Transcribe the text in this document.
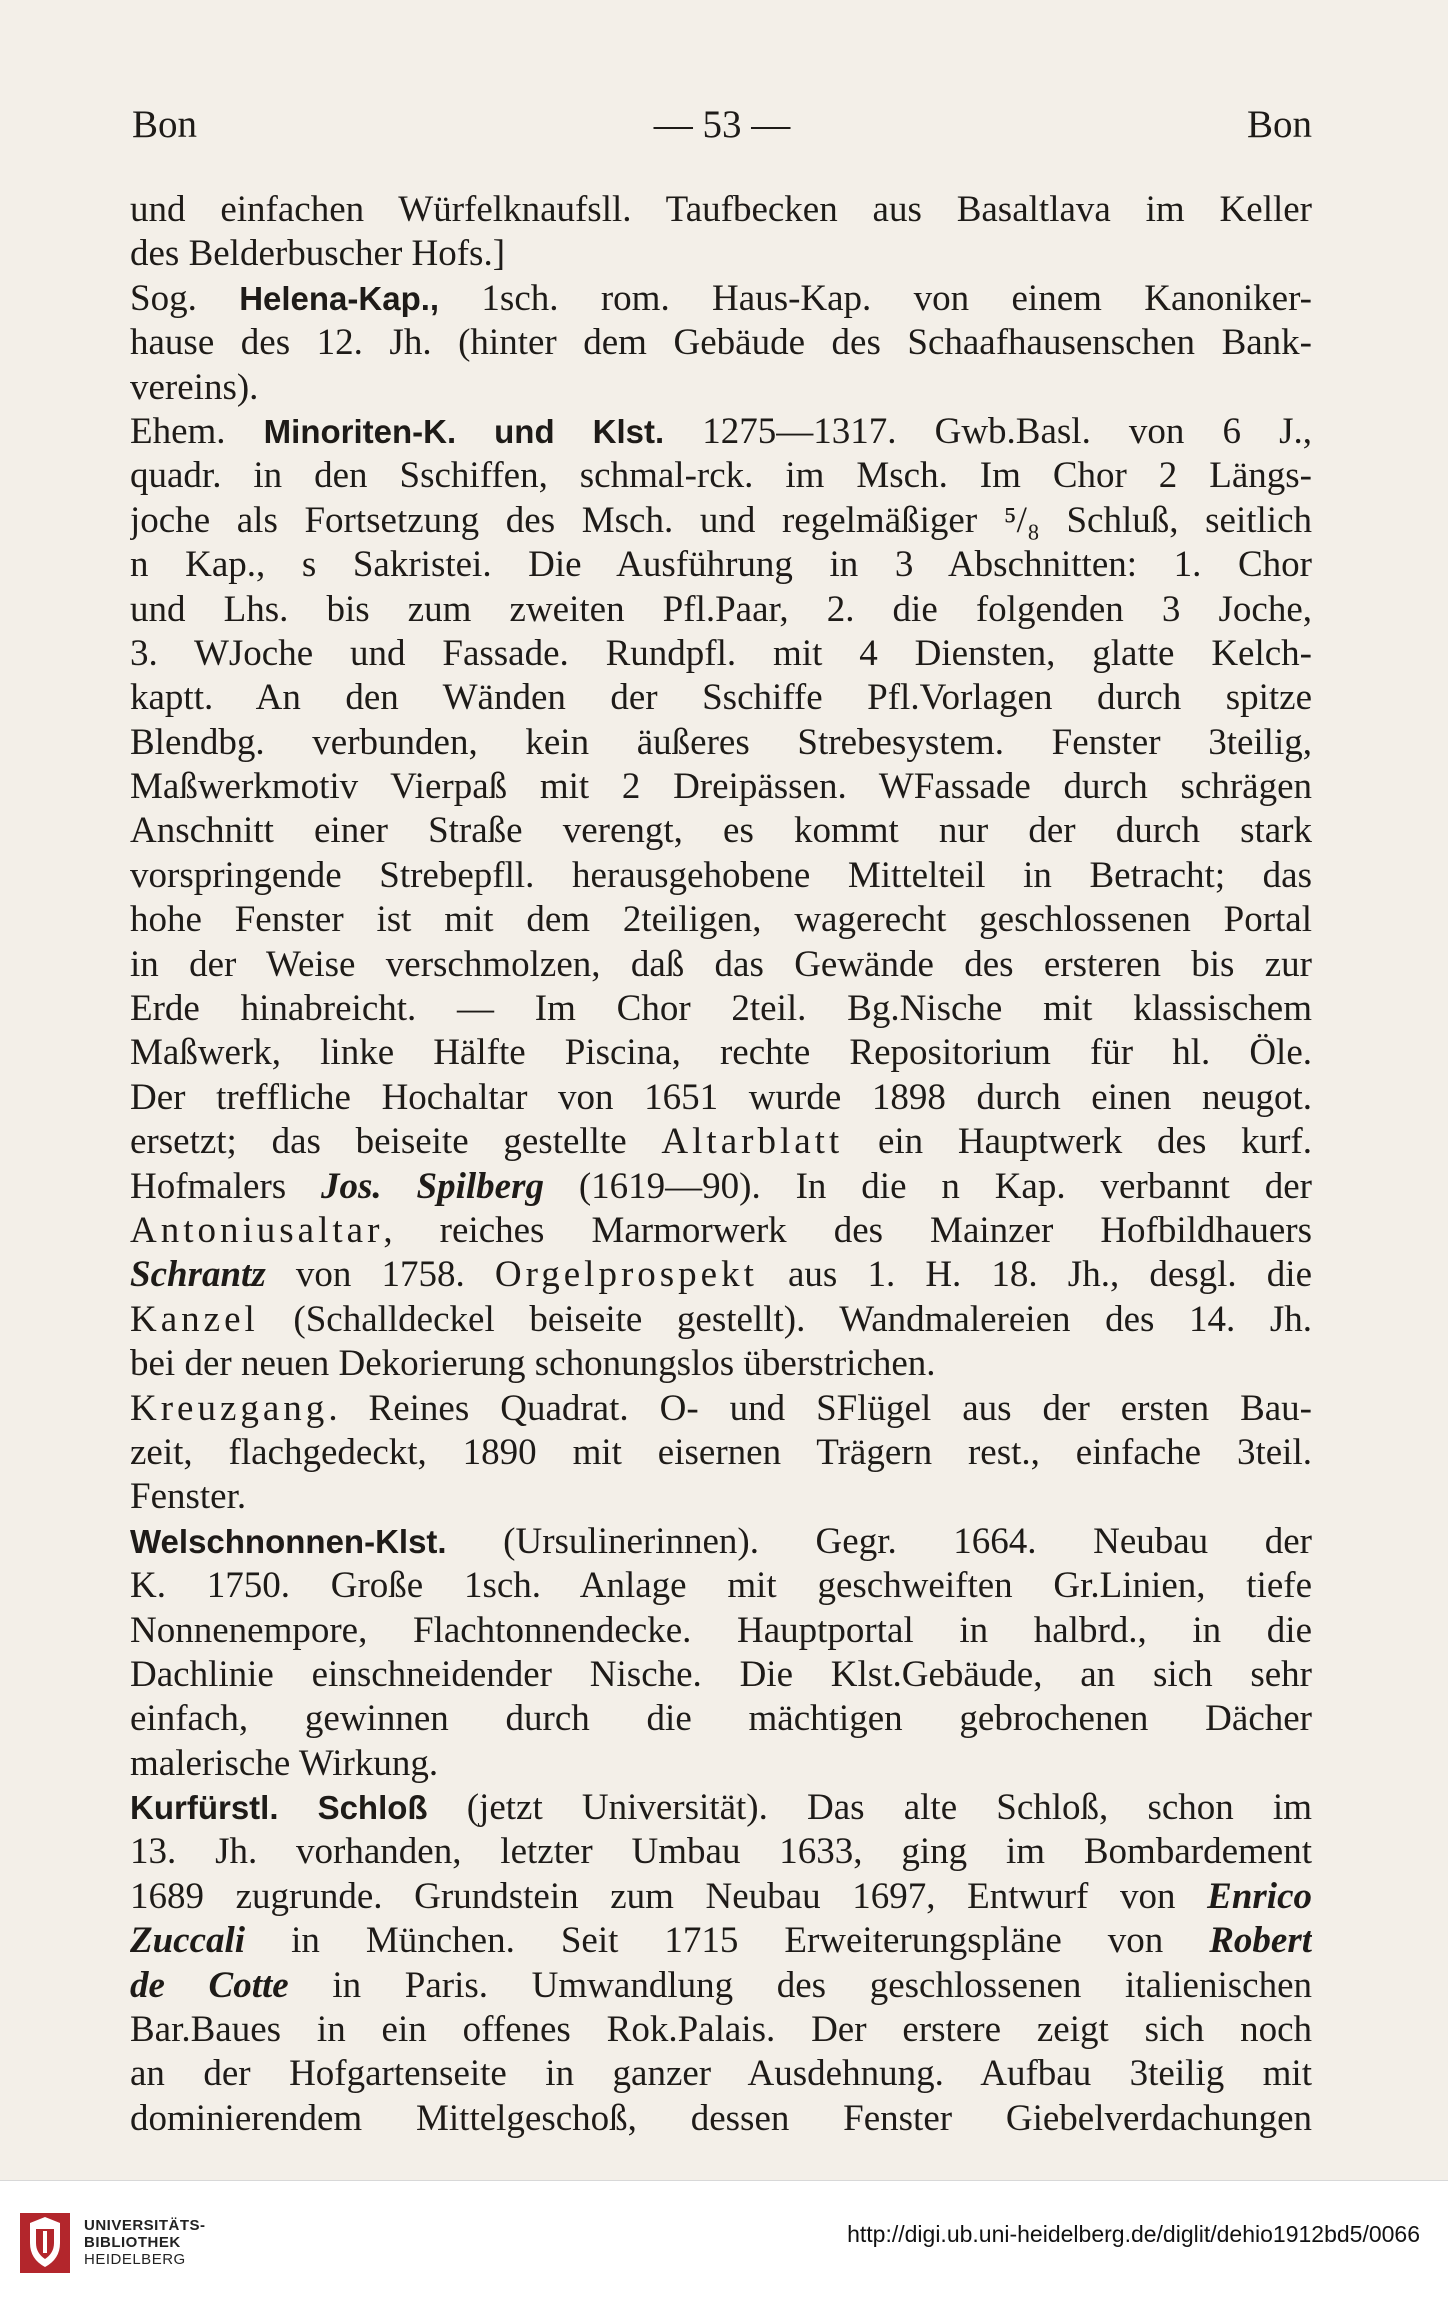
Bon	— 53 —	Bon
und einfachen Würfelknaufsll. Taufbecken aus Basaltlava im Keller
des Belderbuscher Hofs.]
Sog. Helena-Kap., 1sch. rom. Haus-Kap. von einem Kanoniker-
hause des 12. Jh. (hinter dem Gebäude des Schaafhausenschen Bank-
vereins).
Ehem. Minoriten-K. und Klst. 1275—1317. Gwb.Basl. von 6 J.,
quadr. in den Sschiffen, schmal-rck. im Msch. Im Chor 2 Längs-
joche als Fortsetzung des Msch. und regelmäßiger ⁵/₈ Schluß, seitlich
n Kap., s Sakristei. Die Ausführung in 3 Abschnitten: 1. Chor
und Lhs. bis zum zweiten Pfl.Paar, 2. die folgenden 3 Joche,
3. WJoche und Fassade. Rundpfl. mit 4 Diensten, glatte Kelch-
kaptt. An den Wänden der Sschiffe Pfl.Vorlagen durch spitze
Blendbg. verbunden, kein äußeres Strebesystem. Fenster 3teilig,
Maßwerkmotiv Vierpaß mit 2 Dreipässen. WFassade durch schrägen
Anschnitt einer Straße verengt, es kommt nur der durch stark
vorspringende Strebepfll. herausgehobene Mittelteil in Betracht; das
hohe Fenster ist mit dem 2teiligen, wagerecht geschlossenen Portal
in der Weise verschmolzen, daß das Gewände des ersteren bis zur
Erde hinabreicht. — Im Chor 2teil. Bg.Nische mit klassischem
Maßwerk, linke Hälfte Piscina, rechte Repositorium für hl. Öle.
Der treffliche Hochaltar von 1651 wurde 1898 durch einen neugot.
ersetzt; das beiseite gestellte Altarblatt ein Hauptwerk des kurf.
Hofmalers Jos. Spilberg (1619—90). In die n Kap. verbannt der
Antoniusaltar, reiches Marmorwerk des Mainzer Hofbildhauers
Schrantz von 1758. Orgelprospekt aus 1. H. 18. Jh., desgl. die
Kanzel (Schalldeckel beiseite gestellt). Wandmalereien des 14. Jh.
bei der neuen Dekorierung schonungslos überstrichen.
Kreuzgang. Reines Quadrat. O- und SFlügel aus der ersten Bau-
zeit, flachgedeckt, 1890 mit eisernen Trägern rest., einfache 3teil.
Fenster.
Welschnonnen-Klst. (Ursulinerinnen). Gegr. 1664. Neubau der
K. 1750. Große 1sch. Anlage mit geschweiften Gr.Linien, tiefe
Nonnenempore, Flachtonnendecke. Hauptportal in halbrd., in die
Dachlinie einschneidender Nische. Die Klst.Gebäude, an sich sehr
einfach, gewinnen durch die mächtigen gebrochenen Dächer
malerische Wirkung.
Kurfürstl. Schloß (jetzt Universität). Das alte Schloß, schon im
13. Jh. vorhanden, letzter Umbau 1633, ging im Bombardement
1689 zugrunde. Grundstein zum Neubau 1697, Entwurf von Enrico
Zuccali in München. Seit 1715 Erweiterungspläne von Robert
de Cotte in Paris. Umwandlung des geschlossenen italienischen
Bar.Baues in ein offenes Rok.Palais. Der erstere zeigt sich noch
an der Hofgartenseite in ganzer Ausdehnung. Aufbau 3teilig mit
dominierendem Mittelgeschoß, dessen Fenster Giebelverdachungen
UNIVERSITÄTS-
BIBLIOTHEK
HEIDELBERG
http://digi.ub.uni-heidelberg.de/diglit/dehio1912bd5/0066
